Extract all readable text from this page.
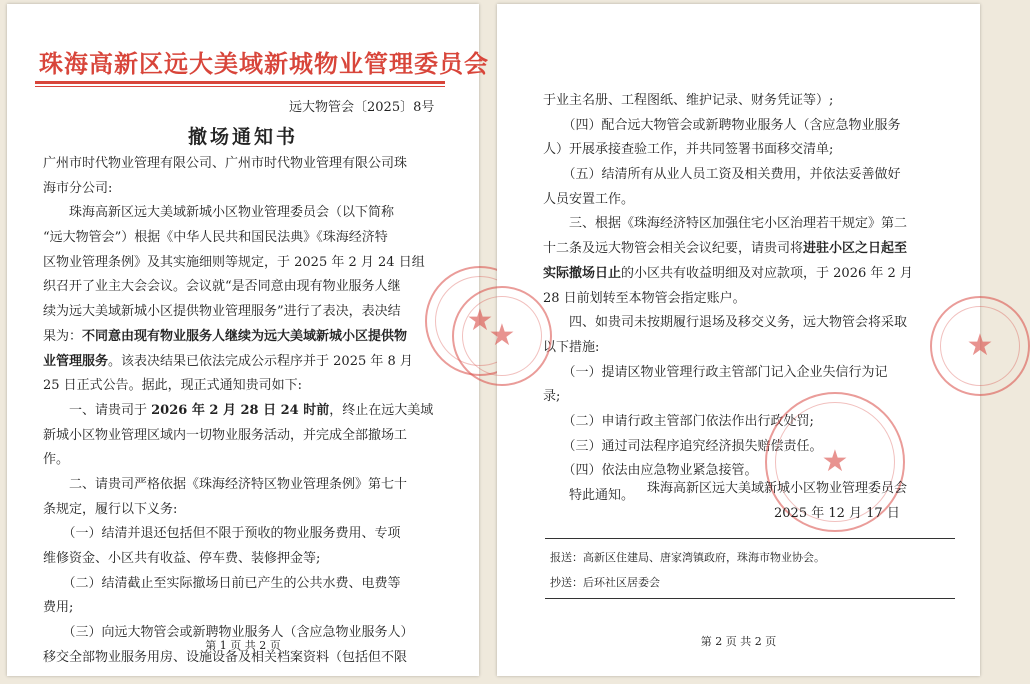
珠海高新区远大美域新城物业管理委员会
远大物管会〔2025〕8号
撤场通知书
广州市时代物业管理有限公司、广州市时代物业管理有限公司珠
海市分公司:
　　珠海高新区远大美域新城小区物业管理委员会（以下简称
“远大物管会”）根据《中华人民共和国民法典》《珠海经济特
区物业管理条例》及其实施细则等规定，于 2025 年 2 月 24 日组
织召开了业主大会会议。会议就“是否同意由现有物业服务人继
续为远大美域新城小区提供物业管理服务”进行了表决，表决结
果为：不同意由现有物业服务人继续为远大美域新城小区提供物
业管理服务。该表决结果已依法完成公示程序并于 2025 年 8 月
25 日正式公告。据此，现正式通知贵司如下:
　　一、请贵司于 2026 年 2 月 28 日 24 时前，终止在远大美域
新城小区物业管理区域内一切物业服务活动，并完成全部撤场工
作。
　　二、请贵司严格依据《珠海经济特区物业管理条例》第七十
条规定，履行以下义务:
　　（一）结清并退还包括但不限于预收的物业服务费用、专项
维修资金、小区共有收益、停车费、装修押金等;
　　（二）结清截止至实际撤场日前已产生的公共水费、电费等
费用;
　　（三）向远大物管会或新聘物业服务人（含应急物业服务人）
移交全部物业服务用房、设施设备及相关档案资料（包括但不限
★
第 1 页 共 2 页
于业主名册、工程图纸、维护记录、财务凭证等）;
　　（四）配合远大物管会或新聘物业服务人（含应急物业服务
人）开展承接查验工作，并共同签署书面移交清单;
　　（五）结清所有从业人员工资及相关费用，并依法妥善做好
人员安置工作。
　　三、根据《珠海经济特区加强住宅小区治理若干规定》第二
十二条及远大物管会相关会议纪要，请贵司将进驻小区之日起至
实际撤场日止的小区共有收益明细及对应款项，于 2026 年 2 月
28 日前划转至本物管会指定账户。
　　四、如贵司未按期履行退场及移交义务，远大物管会将采取
以下措施:
　　（一）提请区物业管理行政主管部门记入企业失信行为记
录;
　　（二）申请行政主管部门依法作出行政处罚;
　　（三）通过司法程序追究经济损失赔偿责任。
　　（四）依法由应急物业紧急接管。
　　特此通知。
★
★
★
珠海高新区远大美域新城小区物业管理委员会
2025 年 12 月 17 日
报送：高新区住建局、唐家湾镇政府，珠海市物业协会。
抄送：后环社区居委会
第 2 页 共 2 页
